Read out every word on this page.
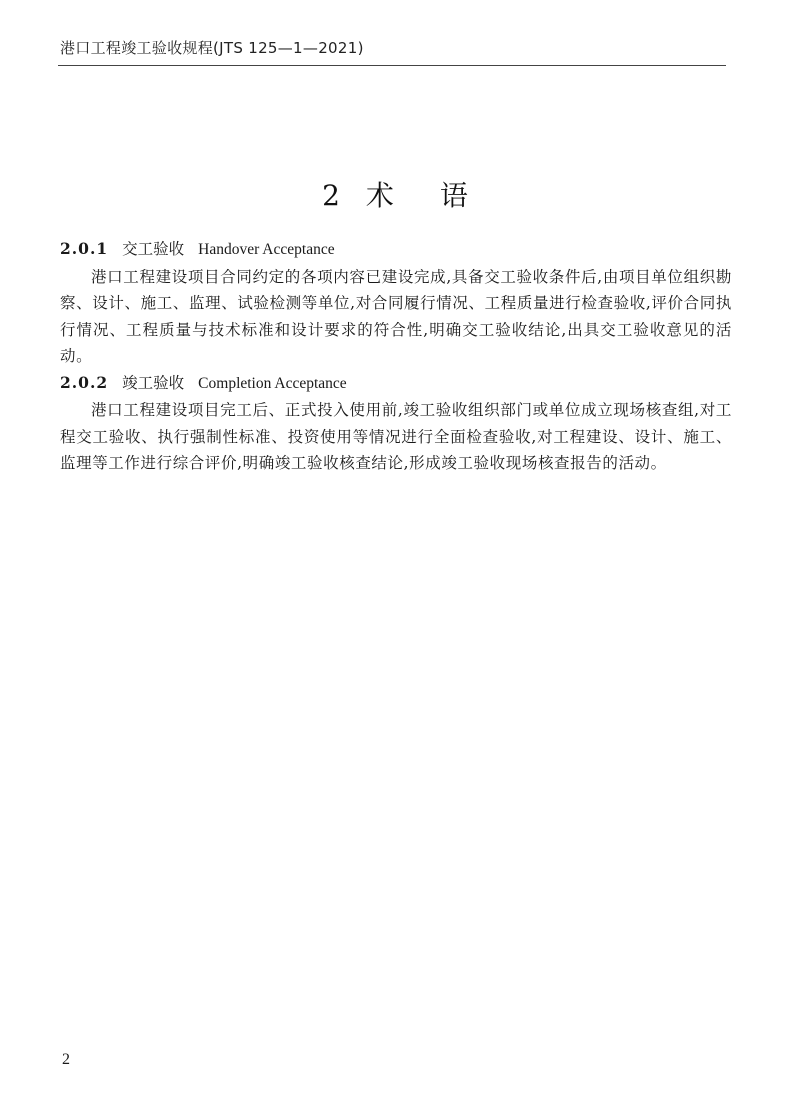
港口工程竣工验收规程(JTS 125—1—2021)
2 术 语

2.0.1 交工验收 Handover Acceptance

港口工程建设项目合同约定的各项内容已建设完成,具备交工验收条件后,由项目单位组织勘察、设计、施工、监理、试验检测等单位,对合同履行情况、工程质量进行检查验收,评价合同执行情况、工程质量与技术标准和设计要求的符合性,明确交工验收结论,出具交工验收意见的活动。

2.0.2 竣工验收 Completion Acceptance

港口工程建设项目完工后、正式投入使用前,竣工验收组织部门或单位成立现场核查组,对工程交工验收、执行强制性标准、投资使用等情况进行全面检查验收,对工程建设、设计、施工、监理等工作进行综合评价,明确竣工验收核查结论,形成竣工验收现场核查报告的活动。

2
